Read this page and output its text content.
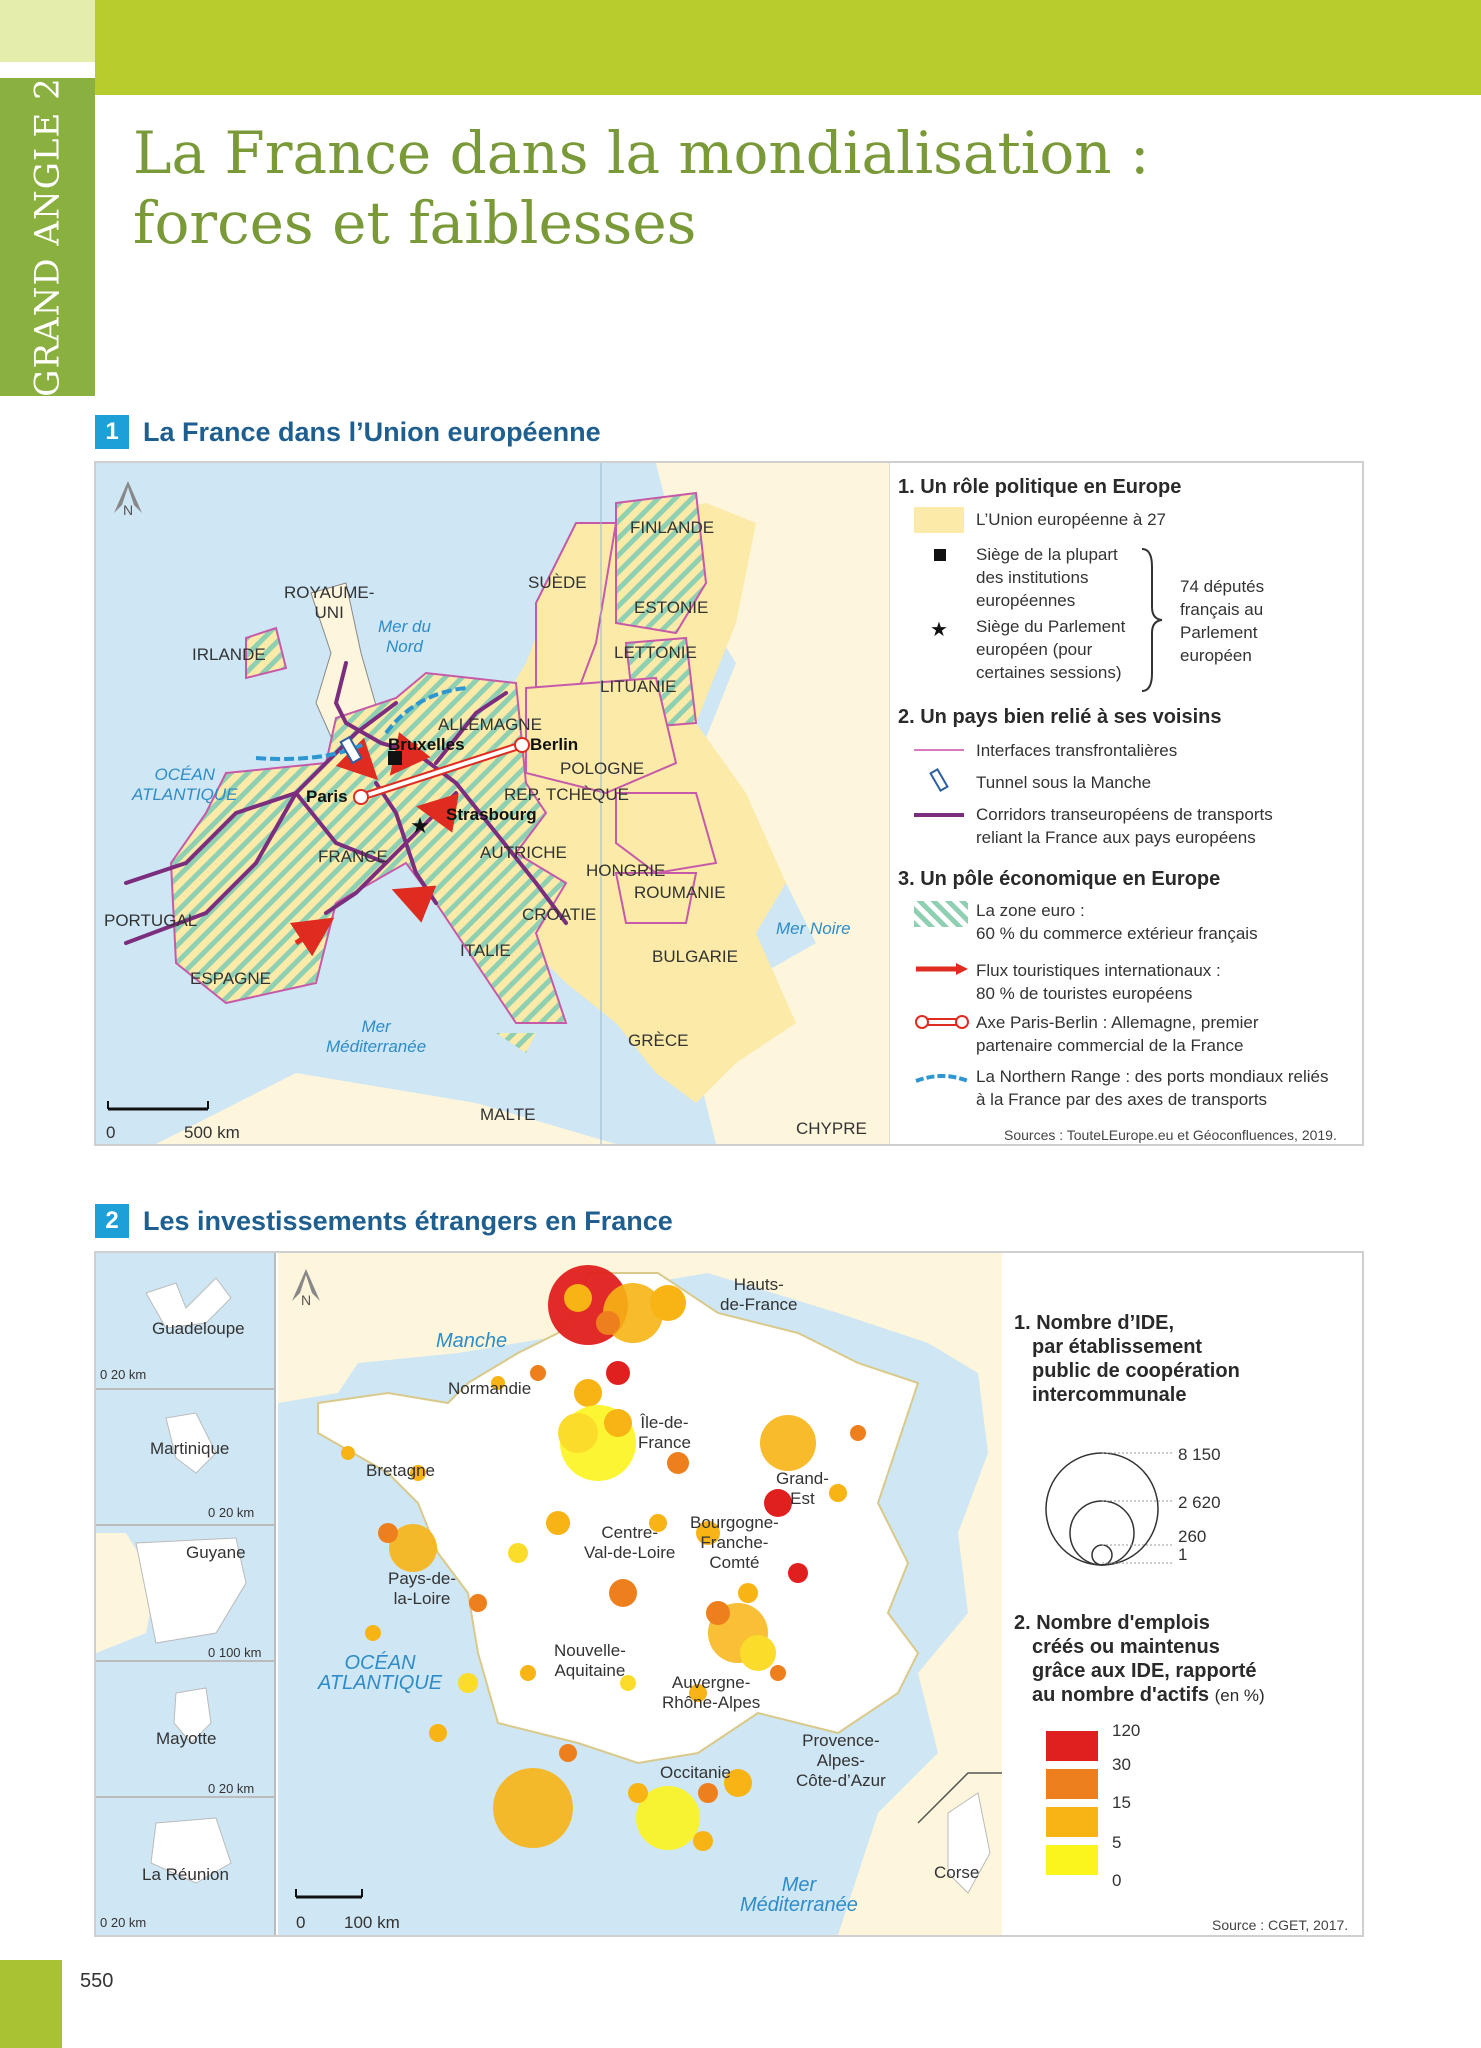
GRAND ANGLE 2 La France dans la mondialisation :
forces et faiblesses
1 La France dans l’Union européenne
★
N
FINLANDE
SUÈDE
ESTONIE
ROYAUME-
UNI
IRLANDE	LETTONIE
LITUANIE
ALLEMAGNE
POLOGNE
REP. TCHÈQUE
FRANCE	AUTRICHE
HONGRIE
ROUMANIE
PORTUGAL	CROATIE
ESPAGNE
ITALIE	BULGARIE
GRÈCE
MALTE
CHYPRE
Mer du
Nord
OCÉAN
ATLANTIQUE
Mer Noire
Mer
Méditerranée
Bruxelles	Berlin
Paris
Strasbourg
0	500 km
1. Un rôle politique en Europe
L’Union européenne à 27
Siège de la plupart
des institutions
européennes
★ Siège du Parlement
européen (pour
certaines sessions)
74 députés
français au
Parlement
européen
2. Un pays bien relié à ses voisins
Interfaces transfrontalières
Tunnel sous la Manche
Corridors transeuropéens de transports
reliant la France aux pays européens
3. Un pôle économique en Europe
La zone euro :
60 % du commerce extérieur français
Flux touristiques internationaux :
80 % de touristes européens
Axe Paris-Berlin : Allemagne, premier
partenaire commercial de la France
La Northern Range : des ports mondiaux reliés
à la France par des axes de transports
Sources : ToutеLEurope.eu et Géoconfluences, 2019.
2 Les investissements étrangers en France
Guadeloupe
0 20 km
Martinique
0 20 km
Guyane
0 100 km
Mayotte
0 20 km
La Réunion
0 20 km
N
Hauts-
de-France
Normandie
Île-de-
France
Bretagne	Grand-
Est
Centre-
Val-de-Loire
Bourgogne-
Franche-
Comté
Pays-de-
la-Loire
Nouvelle-
Aquitaine
Auvergne-
Rhône-Alpes
Provence-
Alpes-
Côte-d’Azur
Occitanie
Corse
Manche
OCÉAN
ATLANTIQUE
Mer
Méditerranée
0 100 km
1. Nombre d’IDE,
par établissement
public de coopération
intercommunale
8 150
2 620
260
1
2. Nombre d'emplois
créés ou maintenus
grâce aux IDE, rapporté
au nombre d'actifs (en %)
120
30
15
5
0
Source : CGET, 2017.
550
